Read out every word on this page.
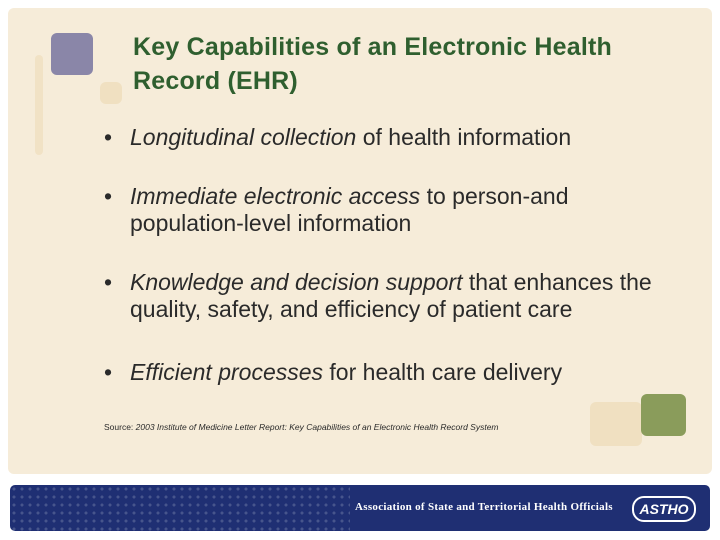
Key Capabilities of an Electronic Health Record (EHR)
• Longitudinal collection of health information
• Immediate electronic access to person-and population-level information
• Knowledge and decision support that enhances the quality, safety, and efficiency of patient care
• Efficient processes for health care delivery
Source: 2003 Institute of Medicine Letter Report: Key Capabilities of an Electronic Health Record System
Association of State and Territorial Health Officials	ASTHO
